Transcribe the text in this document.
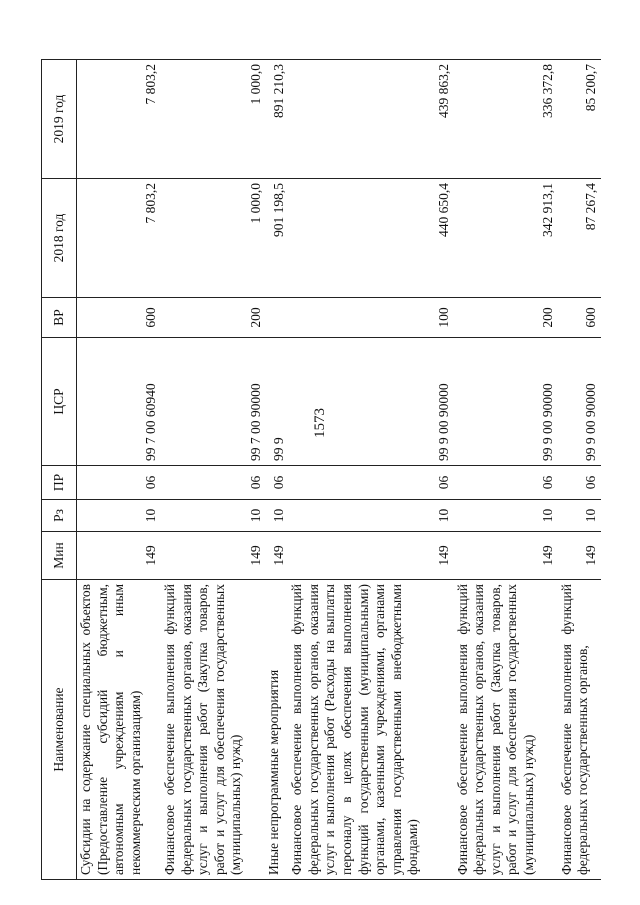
1573
Наименование	Мин	Рз	ПР	ЦСР	ВР	2018 год	2019 год
Субсидии на содержание специальных объектов (Предоставление субсидий бюджетным, автономным учреждениям и иным некоммерческим организациям)	149	10	06	99 7 00 60940	600	7 803,2	7 803,2
Финансовое обеспечение выполнения функций федеральных государственных органов, оказания услуг и выполнения работ (Закупка товаров, работ и услуг для обеспечения государственных (муниципальных) нужд)	149	10	06	99 7 00 90000	200	1 000,0	1 000,0
Иные непрограммные мероприятия	149	10	06	99 9		901 198,5	891 210,3
Финансовое обеспечение выполнения функций федеральных государственных органов, оказания услуг и выполнения работ (Расходы на выплаты персоналу в целях обеспечения выполнения функций государственными (муниципальными) органами, казенными учреждениями, органами управления государственными внебюджетными фондами)	149	10	06	99 9 00 90000	100	440 650,4	439 863,2
Финансовое обеспечение выполнения функций федеральных государственных органов, оказания услуг и выполнения работ (Закупка товаров, работ и услуг для обеспечения государственных (муниципальных) нужд)	149	10	06	99 9 00 90000	200	342 913,1	336 372,8
Финансовое обеспечение выполнения функций федеральных государственных органов,	149	10	06	99 9 00 90000	600	87 267,4	85 200,7
